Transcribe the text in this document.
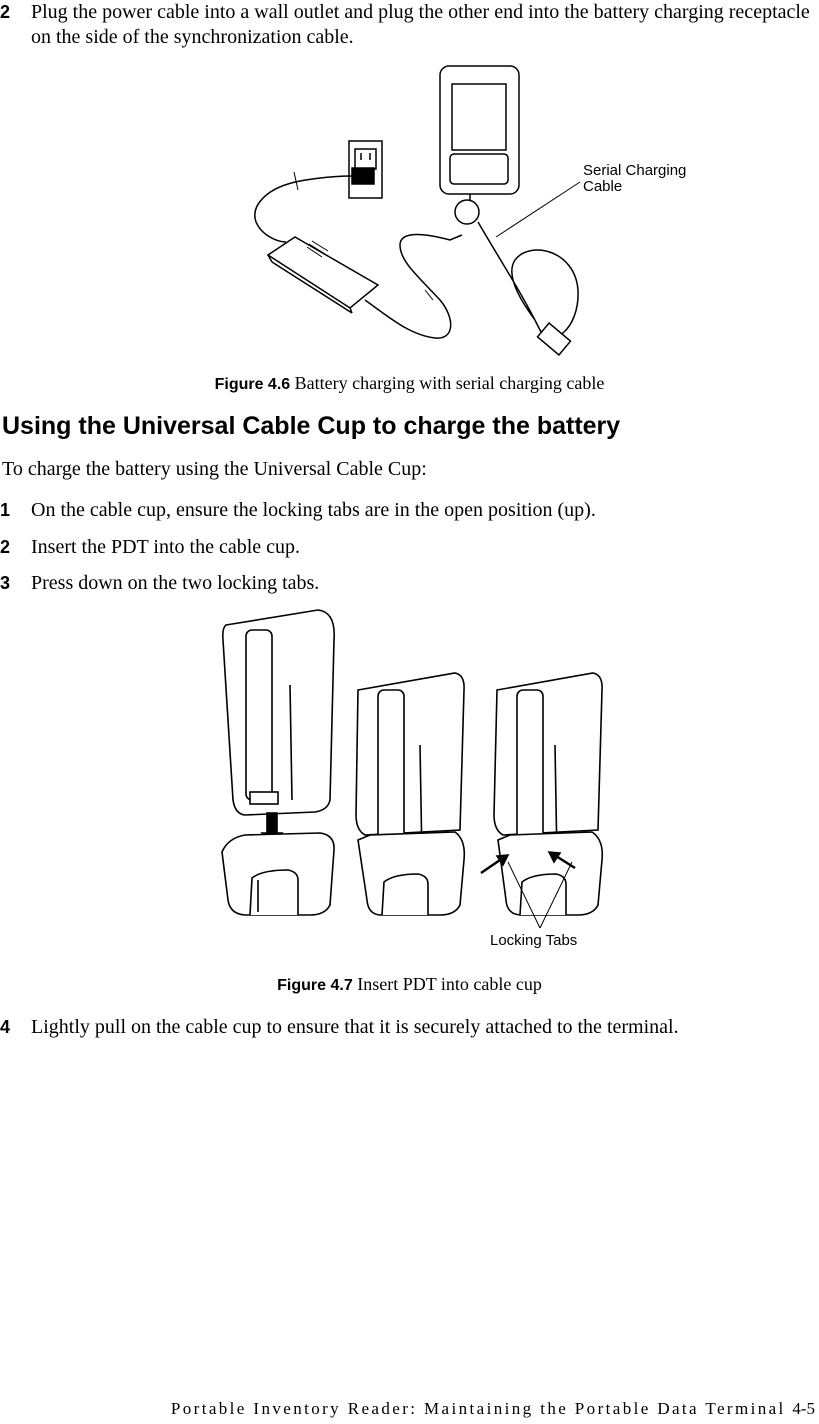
2 Plug the power cable into a wall outlet and plug the other end into the battery charging receptacle on the side of the synchronization cable.
Serial Charging
Cable
Figure 4.6 Battery charging with serial charging cable
Using the Universal Cable Cup to charge the battery
To charge the battery using the Universal Cable Cup:
1 On the cable cup, ensure the locking tabs are in the open position (up).
2 Insert the PDT into the cable cup.
3 Press down on the two locking tabs.
Locking Tabs
Figure 4.7 Insert PDT into cable cup
4 Lightly pull on the cable cup to ensure that it is securely attached to the terminal.
Portable Inventory Reader: Maintaining the Portable Data Terminal 4-5
